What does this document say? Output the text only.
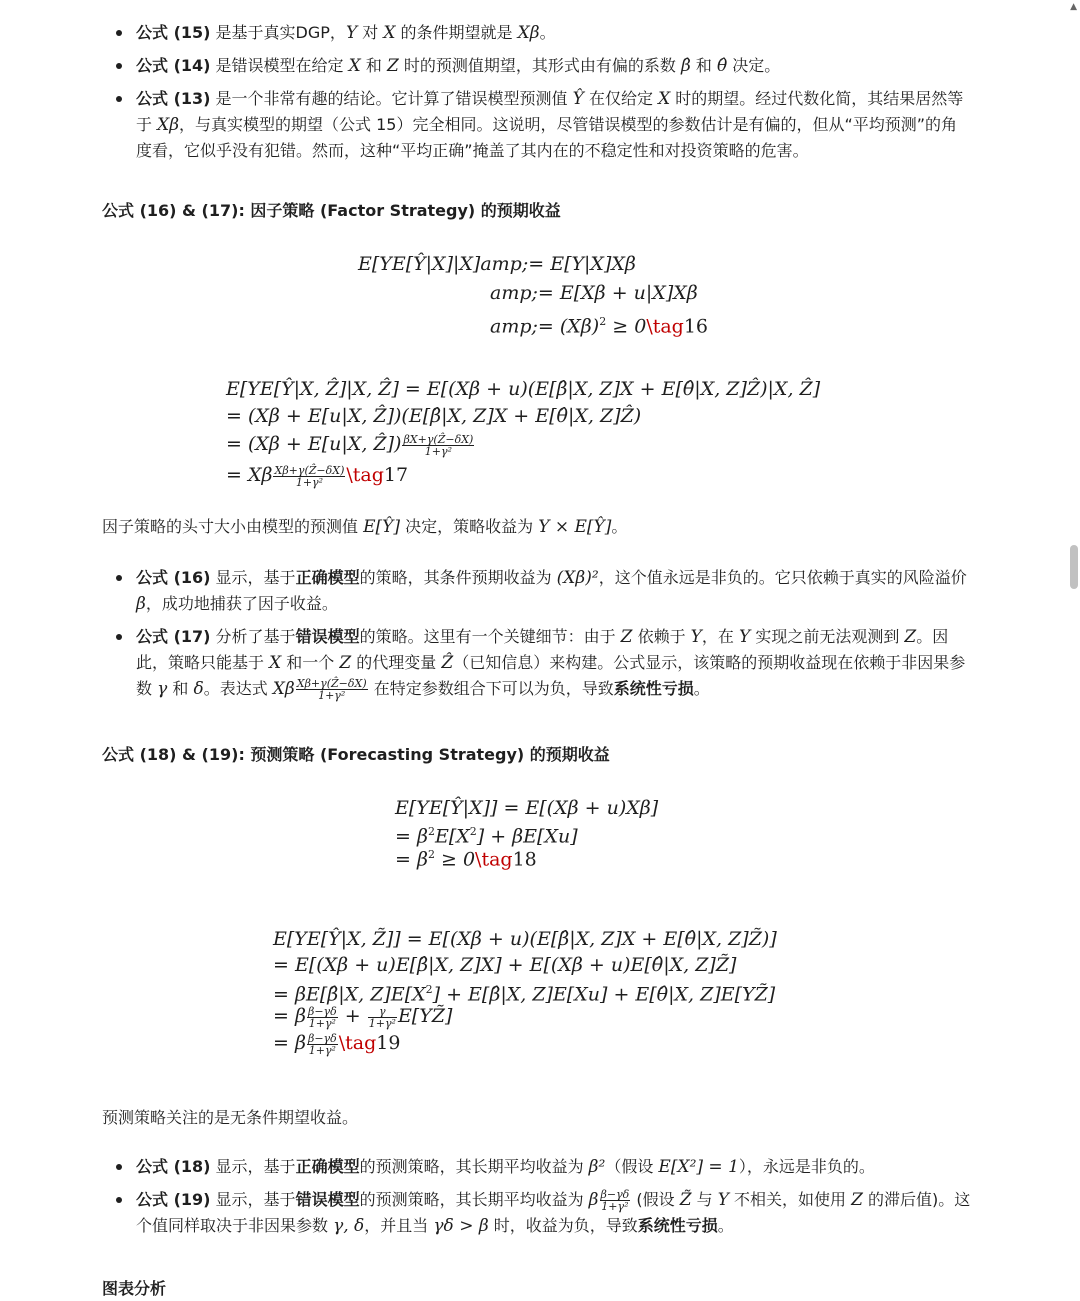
公式 (15) 是基于真实DGP，Y 对 X 的条件期望就是 Xβ。
公式 (14) 是错误模型在给定 X 和 Z 时的预测值期望，其形式由有偏的系数 β̂ 和 θ̂ 决定。
公式 (13) 是一个非常有趣的结论。它计算了错误模型预测值 Ŷ 在仅给定 X 时的期望。经过代数化简，其结果居然等于 Xβ，与真实模型的期望（公式 15）完全相同。这说明，尽管错误模型的参数估计是有偏的，但从“平均预测”的角度看，它似乎没有犯错。然而，这种“平均正确”掩盖了其内在的不稳定性和对投资策略的危害。
公式 (16) & (17): 因子策略 (Factor Strategy) 的预期收益
E[YE[Ŷ|X]|X]amp;= E[Y|X]Xβ
amp;= E[Xβ + u|X]Xβ
amp;= $(X\beta)^2$ ≥ 0\tag16
E[YE[Ŷ|X, Ẑ]|X, Ẑ] = E[(Xβ + u)(E[β̂|X, Z]X + E[θ̂|X, Z]Ẑ)|X, Ẑ]
= (Xβ + E[u|X, Ẑ])(E[β̂|X, Z]X + E[θ̂|X, Z]Ẑ)
= (Xβ + E[u|X, Ẑ]) $\frac{\text{βX+γ(Ẑ−δX)}}{\text{1+γ²}}$
= Xβ $\frac{\text{Xβ+γ(Ẑ−δX)}}{\text{1+γ²}}$ \tag17
因子策略的头寸大小由模型的预测值 E[Ŷ] 决定，策略收益为 Y × E[Ŷ]。
公式 (16) 显示，基于正确模型的策略，其条件预期收益为 (Xβ)²，这个值永远是非负的。它只依赖于真实的风险溢价 β，成功地捕获了因子收益。
公式 (17) 分析了基于错误模型的策略。这里有一个关键细节：由于 Z 依赖于 Y，在 Y 实现之前无法观测到 Z。因此，策略只能基于 X 和一个 Z 的代理变量 Ẑ（已知信息）来构建。公式显示，该策略的预期收益现在依赖于非因果参数 γ 和 δ。表达式 Xβ $\frac{\text{Xβ+γ(Ẑ−δX)}}{\text{1+γ²}}$ 在特定参数组合下可以为负，导致系统性亏损。
公式 (18) & (19): 预测策略 (Forecasting Strategy) 的预期收益
E[YE[Ŷ|X]] = E[(Xβ + u)Xβ]
= $\beta^2E[X^2] + \beta E[Xu]$
= $\beta^2$ ≥ 0\tag18
E[YE[Ŷ|X, Z̃]] = E[(Xβ + u)(E[β̂|X, Z]X + E[θ̂|X, Z]Z̃)]
= E[(Xβ + u)E[β̂|X, Z]X] + E[(Xβ + u)E[θ̂|X, Z]Z̃]
= βE[β̂|X, $Z]E[X^2]$ + E[β̂|X, Z]E[Xu] + E[θ̂|X, Z]E[YZ̃]
= β $\frac{\beta-\gamma\delta}{\text{1+γ²}} + \frac{\gamma}{\text{1+γ²}}$ E[YZ̃]
= β $\frac{\beta-\gamma\delta}{\text{1+γ²}}$ \tag19
预测策略关注的是无条件期望收益。
公式 (18) 显示，基于正确模型的预测策略，其长期平均收益为 β²（假设 E[X²] = 1），永远是非负的。
公式 (19) 显示，基于错误模型的预测策略，其长期平均收益为 β $\frac{\beta-\gamma\delta}{\text{1+γ²}}$ (假设 Z̃ 与 Y 不相关，如使用 Z 的滞后值)。这个值同样取决于非因果参数 γ, δ，并且当 γδ > β 时，收益为负，导致系统性亏损。
图表分析
▲
